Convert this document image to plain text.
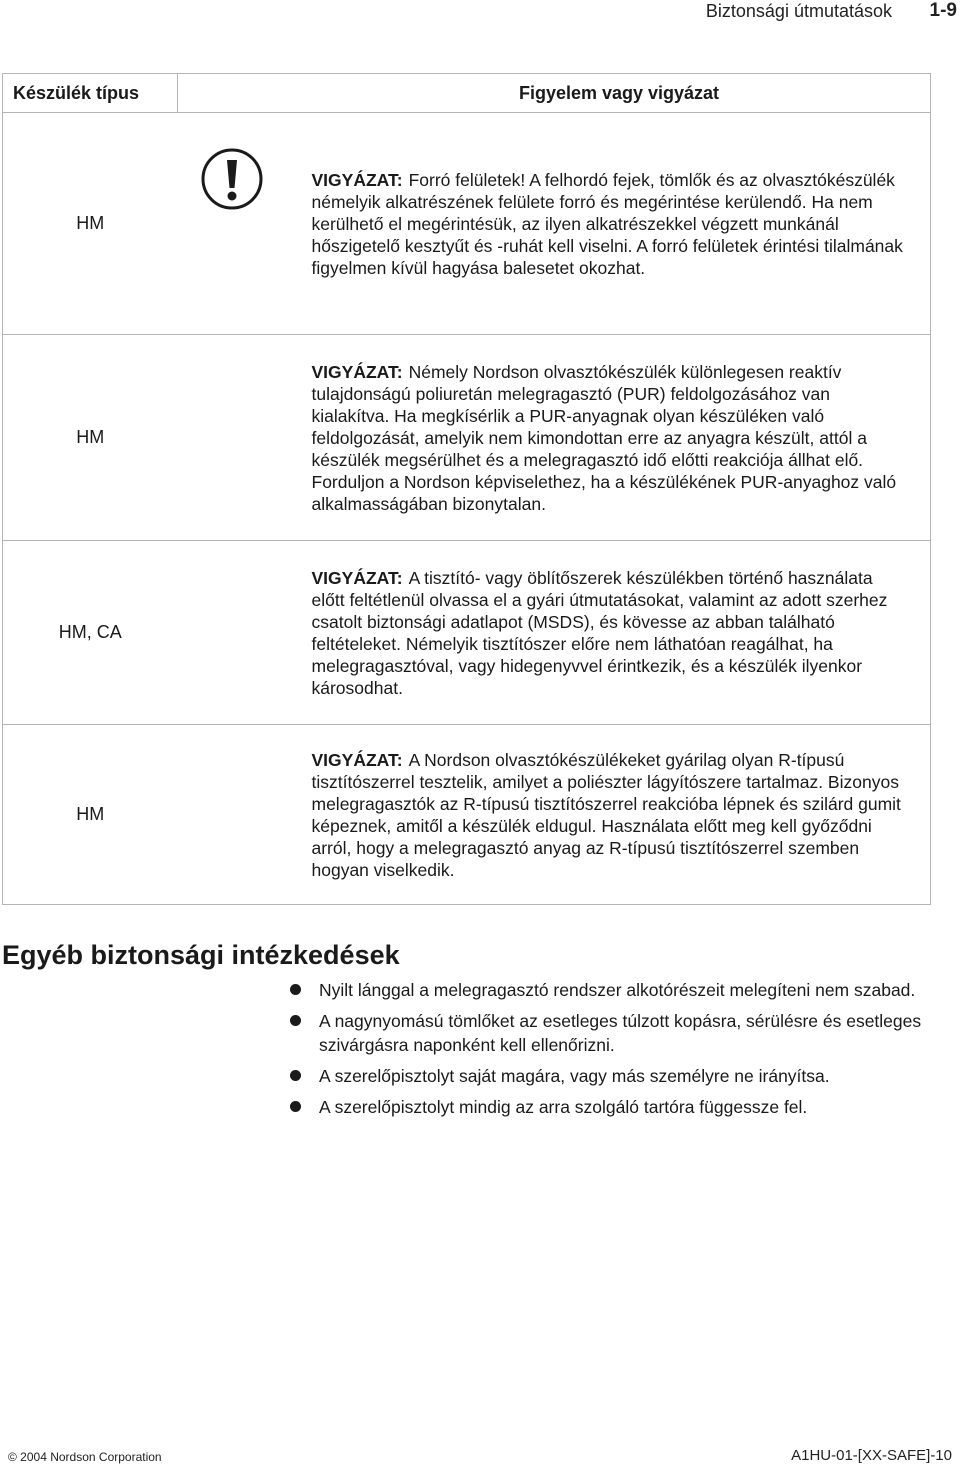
Biztonsági útmutatások 1-9
Készülék típus	Figyelem vagy vigyázat
HM	VIGYÁZAT: Forró felületek! A felhordó fejek, tömlők és az olvasztókészülék némelyik alkatrészének felülete forró és megérintése kerülendő. Ha nem kerülhető el megérintésük, az ilyen alkatrészekkel végzett munkánál hőszigetelő kesztyűt és -ruhát kell viselni. A forró felületek érintési tilalmának figyelmen kívül hagyása balesetet okozhat.

HM	VIGYÁZAT: Némely Nordson olvasztókészülék különlegesen reaktív tulajdonságú poliuretán melegragasztó (PUR) feldolgozásához van kialakítva. Ha megkísérlik a PUR-anyagnak olyan készüléken való feldolgozását, amelyik nem kimondottan erre az anyagra készült, attól a készülék megsérülhet és a melegragasztó idő előtti reakciója állhat elő. Forduljon a Nordson képviselethez, ha a készülékének PUR-anyaghoz való alkalmasságában bizonytalan.

HM, CA	VIGYÁZAT: A tisztító- vagy öblítőszerek készülékben történő használata előtt feltétlenül olvassa el a gyári útmutatásokat, valamint az adott szerhez csatolt biztonsági adatlapot (MSDS), és kövesse az abban található feltételeket. Némelyik tisztítószer előre nem láthatóan reagálhat, ha melegragasztóval, vagy hidegenyvvel érintkezik, és a készülék ilyenkor károsodhat.

HM	VIGYÁZAT: A Nordson olvasztókészülékeket gyárilag olyan R-típusú tisztítószerrel tesztelik, amilyet a poliészter lágyítószere tartalmaz. Bizonyos melegragasztók az R-típusú tisztítószerrel reakcióba lépnek és szilárd gumit képeznek, amitől a készülék eldugul. Használata előtt meg kell győződni arról, hogy a melegragasztó anyag az R-típusú tisztítószerrel szemben hogyan viselkedik.
Egyéb biztonsági intézkedések
Nyilt lánggal a melegragasztó rendszer alkotórészeit melegíteni nem szabad.
A nagynyomású tömlőket az esetleges túlzott kopásra, sérülésre és esetleges szivárgásra naponként kell ellenőrizni.
A szerelőpisztolyt saját magára, vagy más személyre ne irányítsa.
A szerelőpisztolyt mindig az arra szolgáló tartóra függessze fel.
© 2004 Nordson Corporation	A1HU-01-[XX-SAFE]-10
